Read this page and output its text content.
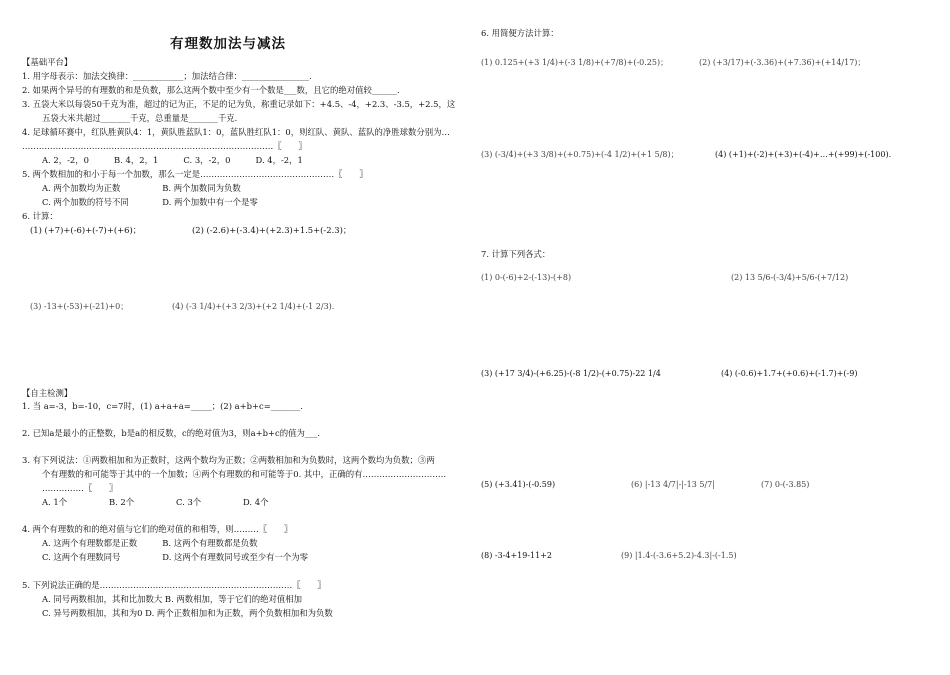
有理数加法与减法
【基础平台】
1. 用字母表示：加法交换律：____________；加法结合律：________________.
2. 如果两个异号的有理数的和是负数，那么这两个数中至少有一个数是___数，且它的绝对值较______.
3. 五袋大米以每袋50千克为准，超过的记为正，不足的记为负，称重记录如下：+4.5、-4，+2.3、-3.5，+2.5，这
五袋大米共超过_______千克，总重量是_______千克.
4. 足球循环赛中，红队胜黄队4：1，黄队胜蓝队1：0，蓝队胜红队1：0，则红队、黄队、蓝队的净胜球数分别为…
………………………………………………………………………………〖　　〗
A. 2，-2，0　　　B. 4，2，1　　　C. 3，-2，0　　　D. 4，-2，1
5. 两个数相加的和小于每一个加数，那么一定是…………………………………………〖　　〗
A. 两个加数均为正数　　　　　B. 两个加数同为负数
C. 两个加数的符号不同　　　　D. 两个加数中有一个是零
6. 计算：
(1) (+7)+(-6)+(-7)+(+6)；	(2) (-2.6)+(-3.4)+(+2.3)+1.5+(-2.3)；
(3) -13+(-53)+(-21)+0；	(4) (-3 1/4)+(+3 2/3)+(+2 1/4)+(-1 2/3).
【自主检测】
1. 当 a=-3，b=-10，c=7时，(1) a+a+a=_____；(2) a+b+c=_______.
2. 已知a是最小的正整数，b是a的相反数，c的绝对值为3，则a+b+c的值为___.
3. 有下列说法：①两数相加和为正数时，这两个数均为正数；②两数相加和为负数时，这两个数均为负数；③两
个有理数的和可能等于其中的一个加数；④两个有理数的和可能等于0. 其中，正确的有…………………………
……………〖　　〗
A. 1个　　　　　B. 2个　　　　　C. 3个　　　　　D. 4个
4. 两个有理数的和的绝对值与它们的绝对值的和相等，则………〖　　〗
A. 这两个有理数都是正数　　　B. 这两个有理数都是负数
C. 这两个有理数同号　　　　　D. 这两个有理数同号或至少有一个为零
5. 下列说法正确的是……………………………………………………………〖　　〗
A. 同号两数相加，其和比加数大 B. 两数相加，等于它们的绝对值相加
C. 异号两数相加，其和为0 D. 两个正数相加和为正数，两个负数相加和为负数
6. 用简便方法计算：
(1) 0.125+(+3 1/4)+(-3 1/8)+(+7/8)+(-0.25)；	(2) (+3/17)+(-3.36)+(+7.36)+(+14/17)；
(3) (-3/4)+(+3 3/8)+(+0.75)+(-4 1/2)+(+1 5/8)；	(4) (+1)+(-2)+(+3)+(-4)+…+(+99)+(-100).
7. 计算下列各式：
(1) 0-(-6)+2-(-13)-(+8)	(2) 13 5/6-(-3/4)+5/6-(+7/12)
(3) (+17 3/4)-(+6.25)-(-8 1/2)-(+0.75)-22 1/4	(4) (-0.6)+1.7+(+0.6)+(-1.7)+(-9)
(5) (+3.41)-(-0.59)	(6) |-13 4/7|-|-13 5/7|	(7) 0-(-3.85)
(8) -3-4+19-11+2	(9) |1.4-(-3.6+5.2)-4.3|-(-1.5)
